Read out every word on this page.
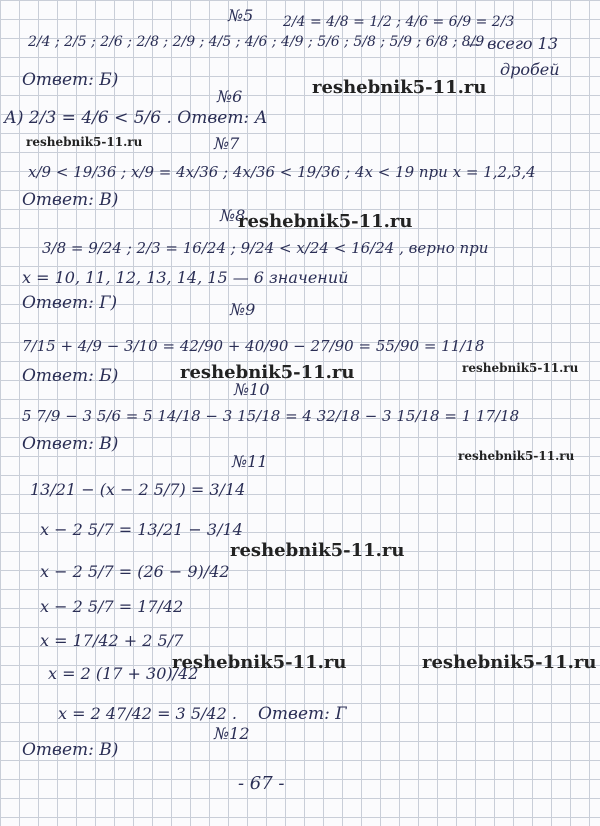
№5
2/4 ; 2/5 ; 2/6 ; 2/8 ; 2/9 ; 4/5 ; 4/6 ; 4/9 ; 5/6 ; 5/8 ; 5/9 ; 6/8 ; 8/9
2/4 = 4/8 = 1/2 ; 4/6 = 6/9 = 2/3
— всего 13
дробей
Ответ: Б)	reshebnik5-11.ru
№6
А) 2/3 = 4/6 < 5/6 . Ответ: А
reshebnik5-11.ru	№7
x/9 < 19/36 ; x/9 = 4x/36 ; 4x/36 < 19/36 ; 4x < 19 при x = 1,2,3,4
Ответ: В)
№8
reshebnik5-11.ru
3/8 = 9/24 ; 2/3 = 16/24 ; 9/24 < x/24 < 16/24 , верно при
x = 10, 11, 12, 13, 14, 15 — 6 значений
Ответ: Г)	№9
7/15 + 4/9 − 3/10 = 42/90 + 40/90 − 27/90 = 55/90 = 11/18
Ответ: Б)	reshebnik5-11.ru	reshebnik5-11.ru
№10
5 7/9 − 3 5/6 = 5 14/18 − 3 15/18 = 4 32/18 − 3 15/18 = 1 17/18
Ответ: В)
reshebnik5-11.ru
№11
13/21 − (x − 2 5/7) = 3/14
x − 2 5/7 = 13/21 − 3/14
reshebnik5-11.ru
x − 2 5/7 = (26 − 9)/42
x − 2 5/7 = 17/42
x = 17/42 + 2 5/7
x = 2 (17 + 30)/42
reshebnik5-11.ru	reshebnik5-11.ru
x = 2 47/42 = 3 5/42 . Ответ: Г
№12
Ответ: В)
- 67 -
